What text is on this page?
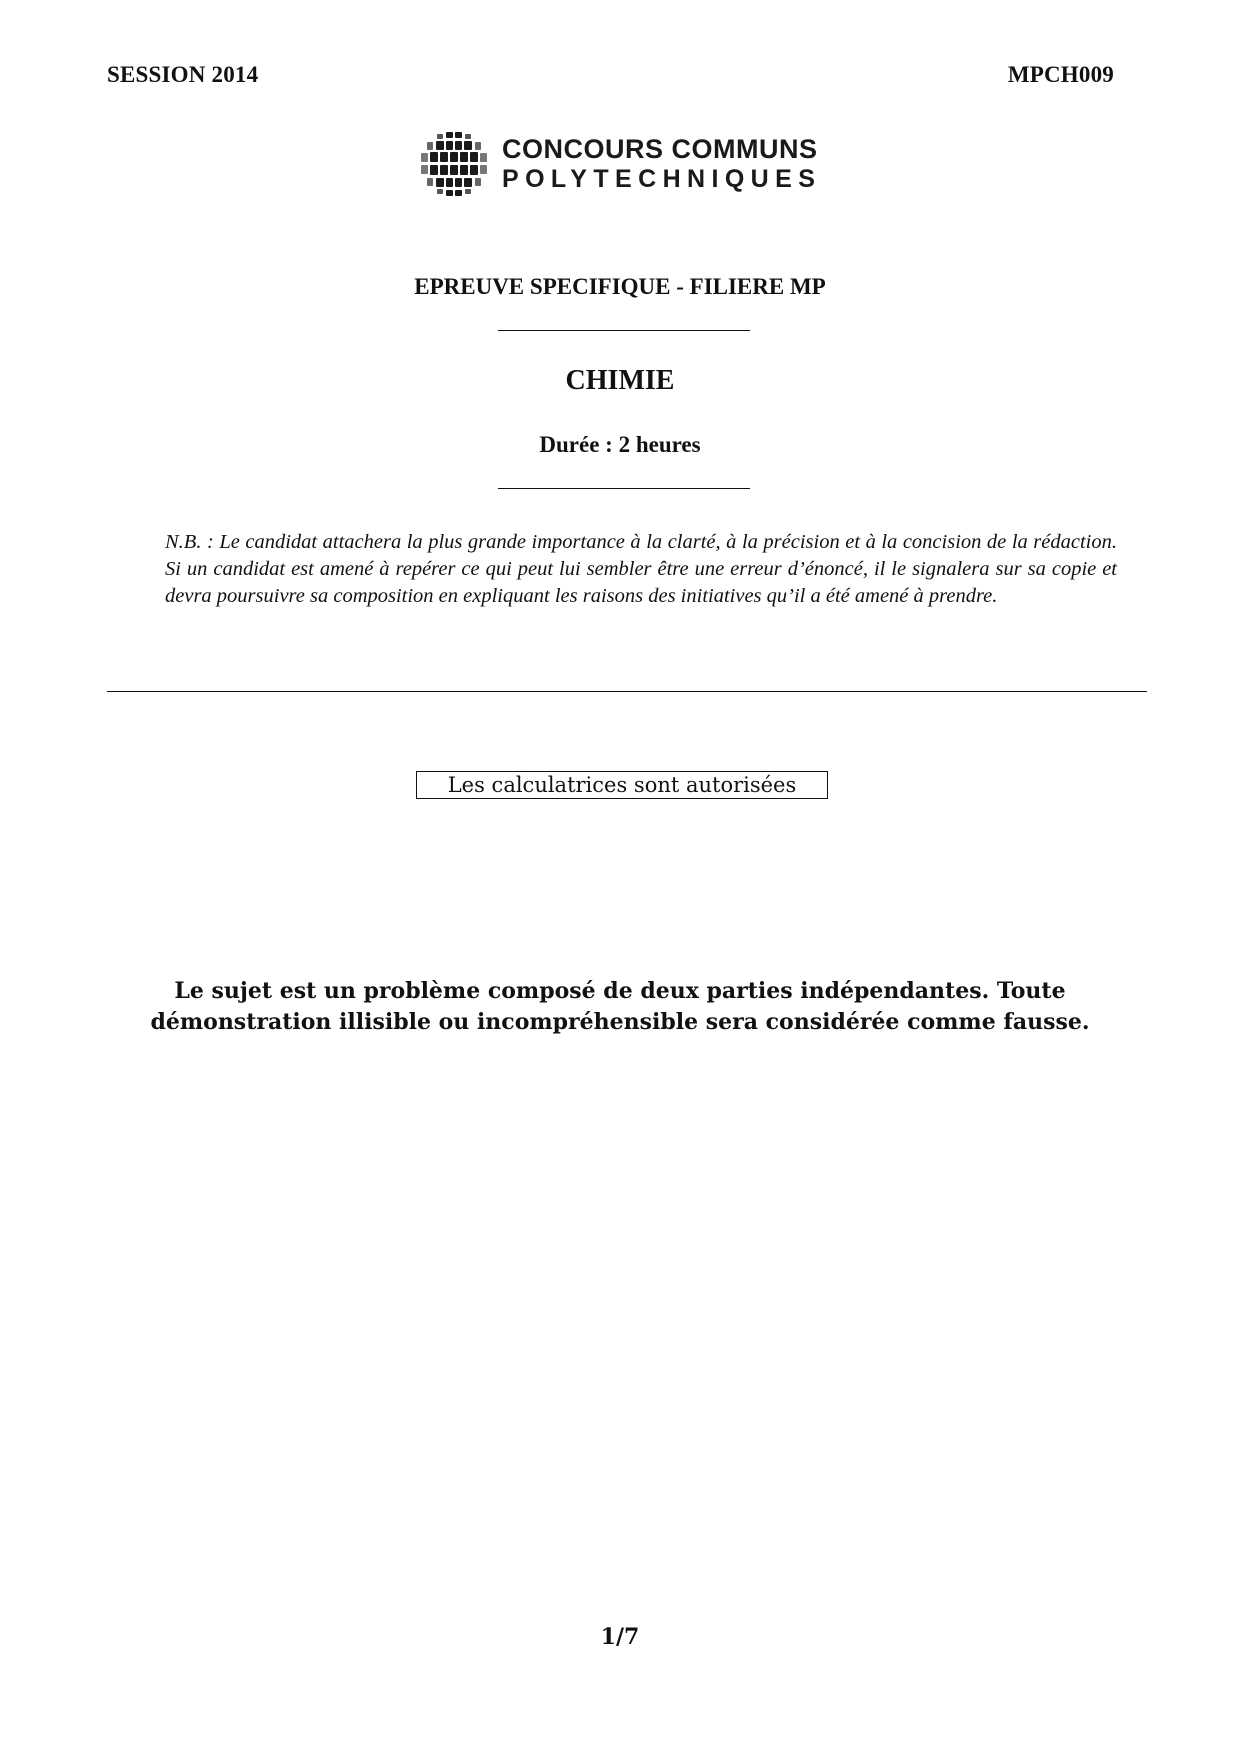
SESSION 2014	MPCH009
CONCOURS COMMUNS
POLYTECHNIQUES
EPREUVE SPECIFIQUE - FILIERE MP
CHIMIE
Durée : 2 heures
N.B. : Le candidat attachera la plus grande importance à la clarté, à la précision et à la concision de la rédaction. Si un candidat est amené à repérer ce qui peut lui sembler être une erreur d’énoncé, il le signalera sur sa copie et devra poursuivre sa composition en expliquant les raisons des initiatives qu’il a été amené à prendre.
Les calculatrices sont autorisées
Le sujet est un problème composé de deux parties indépendantes. Toute démonstration illisible ou incompréhensible sera considérée comme fausse.
1/7
